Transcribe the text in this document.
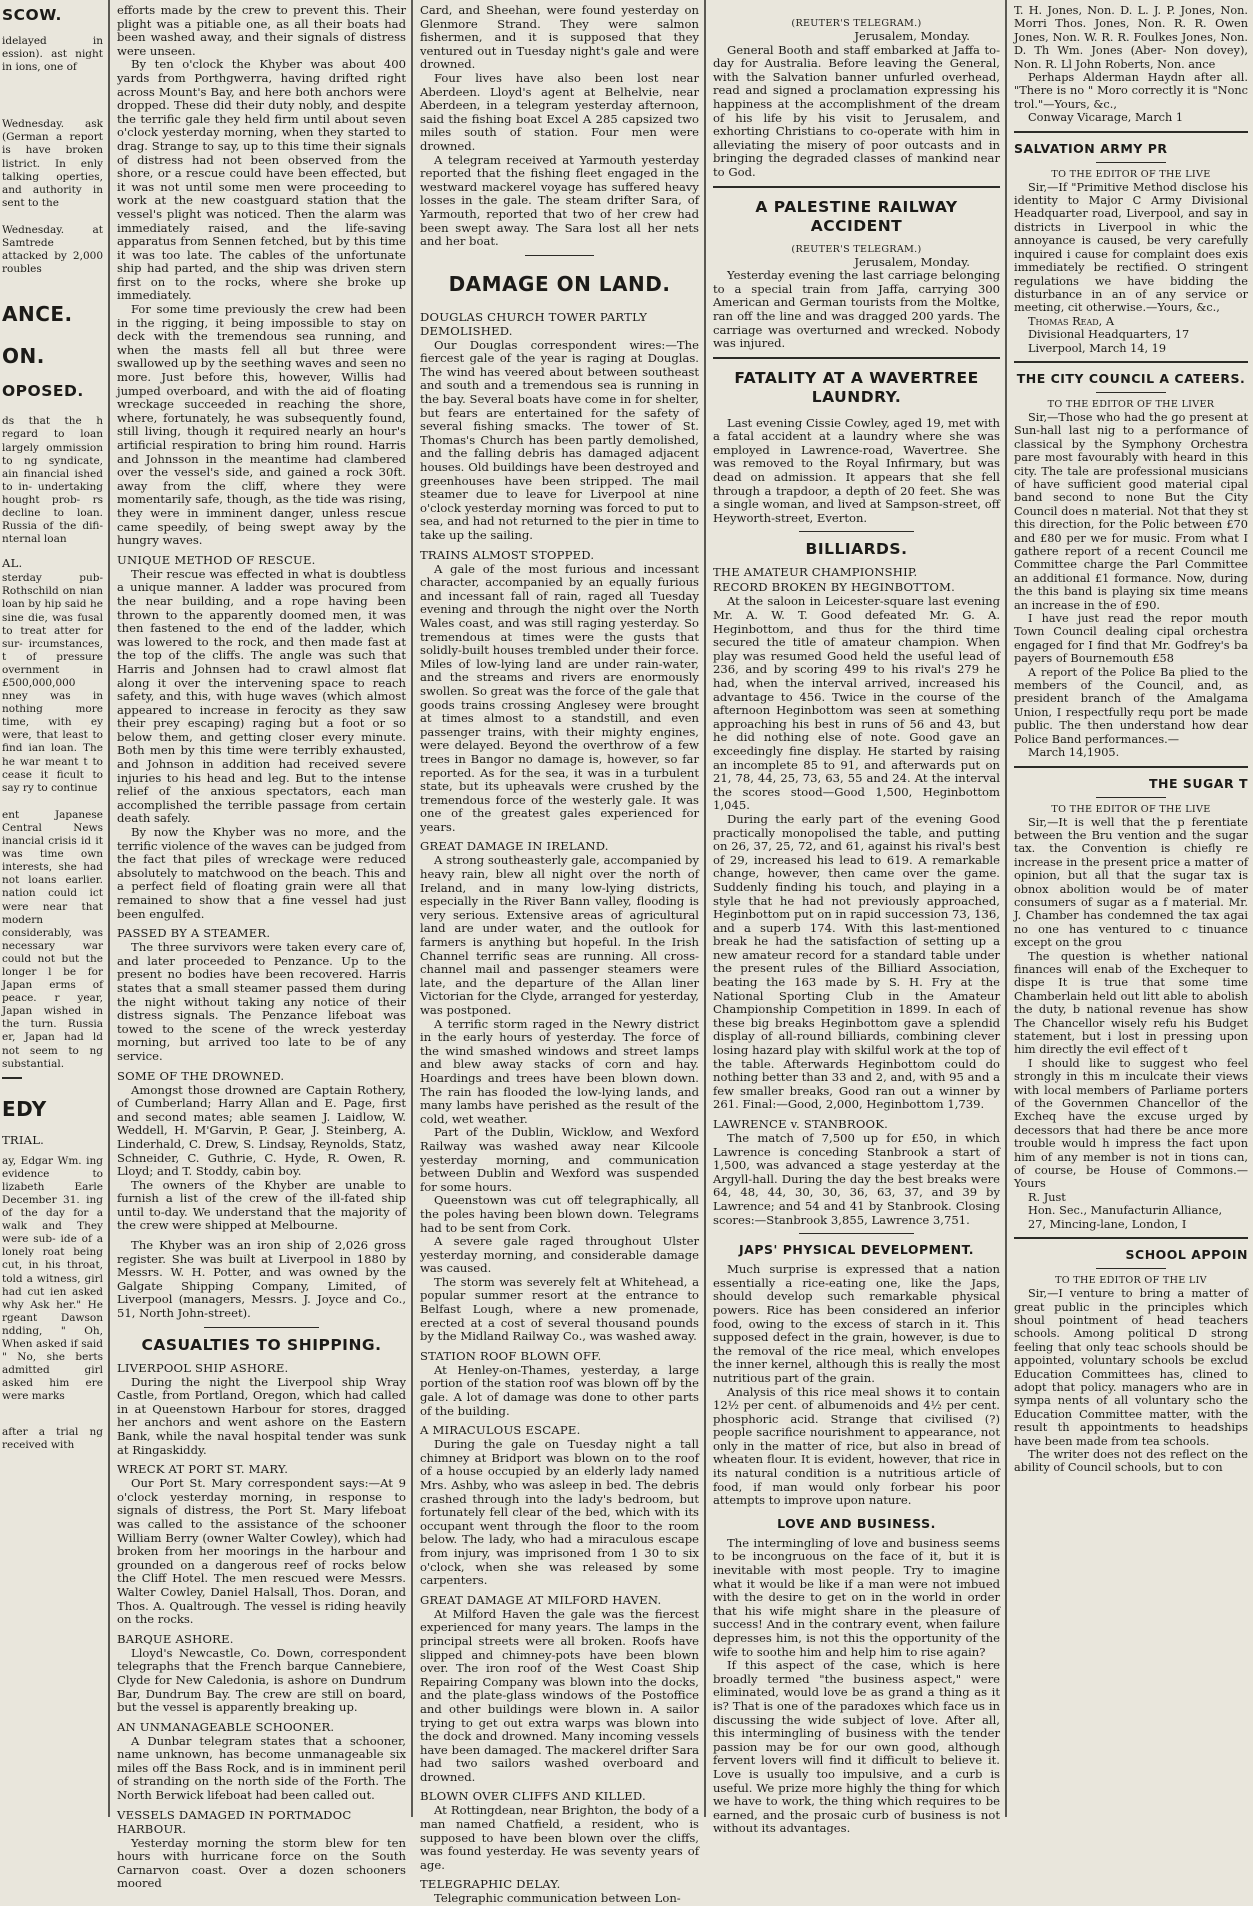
SCOW.

idelayed in ession). ast night in ions, one of

Wednesday. ask (German a report is have broken listrict. In enly talking operties, and authority in sent to the

Wednesday. at Samtrede attacked by 2,000 roubles

ANCE.
ON.
OPOSED.

ds that the h regard to loan largely ommission to ng syndicate, ain financial ished to in- undertaking hought prob- rs decline to loan. Russia of the difi- nternal loan

AL.

sterday pub- Rothschild on nian loan by hip said he sine die, was fusal to treat atter for sur- ircumstances, t of pressure overnment in £500,000,000 nney was in nothing more time, with ey were, that least to find ian loan. The he war meant t to cease it ficult to say ry to continue

ent Japanese Central News inancial crisis id it was time own interests, she had not loans earlier. nation could ict were near that modern considerably, was necessary war could not but the longer l be for Japan erms of peace. r year, Japan wished in the turn. Russia er, Japan had ld not seem to ng substantial.

EDY
TRIAL.

ay, Edgar Wm. ing evidence to lizabeth Earle December 31. ing of the day for a walk and They were sub- ide of a lonely roat being cut, in his throat, told a witness, girl had cut ien asked why Ask her." He rgeant Dawson ndding, " Oh, When asked if said " No, she berts admitted girl asked him ere were marks

after a trial ng received with

efforts made by the crew to prevent this. Their plight was a pitiable one, as all their boats had been washed away, and their signals of distress were unseen.

By ten o'clock the Khyber was about 400 yards from Porthgwerra, having drifted right across Mount's Bay, and here both anchors were dropped. These did their duty nobly, and despite the terrific gale they held firm until about seven o'clock yesterday morning, when they started to drag. Strange to say, up to this time their signals of distress had not been observed from the shore, or a rescue could have been effected, but it was not until some men were proceeding to work at the new coastguard station that the vessel's plight was noticed. Then the alarm was immediately raised, and the life-saving apparatus from Sennen fetched, but by this time it was too late. The cables of the unfortunate ship had parted, and the ship was driven stern first on to the rocks, where she broke up immediately.

For some time previously the crew had been in the rigging, it being impossible to stay on deck with the tremendous sea running, and when the masts fell all but three were swallowed up by the seething waves and seen no more. Just before this, however, Willis had jumped overboard, and with the aid of floating wreckage succeeded in reaching the shore, where, fortunately, he was subsequently found, still living, though it required nearly an hour's artificial respiration to bring him round. Harris and Johnsson in the meantime had clambered over the vessel's side, and gained a rock 30ft. away from the cliff, where they were momentarily safe, though, as the tide was rising, they were in imminent danger, unless rescue came speedily, of being swept away by the hungry waves.

UNIQUE METHOD OF RESCUE.

Their rescue was effected in what is doubtless a unique manner. A ladder was procured from the near building, and a rope having been thrown to the apparently doomed men, it was then fastened to the end of the ladder, which was lowered to the rock, and then made fast at the top of the cliffs. The angle was such that Harris and Johnsen had to crawl almost flat along it over the intervening space to reach safety, and this, with huge waves (which almost appeared to increase in ferocity as they saw their prey escaping) raging but a foot or so below them, and getting closer every minute. Both men by this time were terribly exhausted, and Johnson in addition had received severe injuries to his head and leg. But to the intense relief of the anxious spectators, each man accomplished the terrible passage from certain death safely.

By now the Khyber was no more, and the terrific violence of the waves can be judged from the fact that piles of wreckage were reduced absolutely to matchwood on the beach. This and a perfect field of floating grain were all that remained to show that a fine vessel had just been engulfed.

PASSED BY A STEAMER.

The three survivors were taken every care of, and later proceeded to Penzance. Up to the present no bodies have been recovered. Harris states that a small steamer passed them during the night without taking any notice of their distress signals. The Penzance lifeboat was towed to the scene of the wreck yesterday morning, but arrived too late to be of any service.

SOME OF THE DROWNED.

Amongst those drowned are Captain Rothery, of Cumberland; Harry Allan and E. Page, first and second mates; able seamen J. Laidlow, W. Weddell, H. M'Garvin, P. Gear, J. Steinberg, A. Linderhald, C. Drew, S. Lindsay, Reynolds, Statz, Schneider, C. Guthrie, C. Hyde, R. Owen, R. Lloyd; and T. Stoddy, cabin boy.

The owners of the Khyber are unable to furnish a list of the crew of the ill-fated ship until to-day. We understand that the majority of the crew were shipped at Melbourne.

The Khyber was an iron ship of 2,026 gross register. She was built at Liverpool in 1880 by Messrs. W. H. Potter, and was owned by the Galgate Shipping Company, Limited, of Liverpool (managers, Messrs. J. Joyce and Co., 51, North John-street).

CASUALTIES TO SHIPPING.
LIVERPOOL SHIP ASHORE.

During the night the Liverpool ship Wray Castle, from Portland, Oregon, which had called in at Queenstown Harbour for stores, dragged her anchors and went ashore on the Eastern Bank, while the naval hospital tender was sunk at Ringaskiddy.

WRECK AT PORT ST. MARY.

Our Port St. Mary correspondent says:—At 9 o'clock yesterday morning, in response to signals of distress, the Port St. Mary lifeboat was called to the assistance of the schooner William Berry (owner Walter Cowley), which had broken from her moorings in the harbour and grounded on a dangerous reef of rocks below the Cliff Hotel. The men rescued were Messrs. Walter Cowley, Daniel Halsall, Thos. Doran, and Thos. A. Qualtrough. The vessel is riding heavily on the rocks.

BARQUE ASHORE.

Lloyd's Newcastle, Co. Down, correspondent telegraphs that the French barque Cannebiere, Clyde for New Caledonia, is ashore on Dundrum Bar, Dundrum Bay. The crew are still on board, but the vessel is apparently breaking up.

AN UNMANAGEABLE SCHOONER.

A Dunbar telegram states that a schooner, name unknown, has become unmanageable six miles off the Bass Rock, and is in imminent peril of stranding on the north side of the Forth. The North Berwick lifeboat had been called out.

VESSELS DAMAGED IN PORTMADOC HARBOUR.

Yesterday morning the storm blew for ten hours with hurricane force on the South Carnarvon coast. Over a dozen schooners moored

Card, and Sheehan, were found yesterday on Glenmore Strand. They were salmon fishermen, and it is supposed that they ventured out in Tuesday night's gale and were drowned.

Four lives have also been lost near Aberdeen. Lloyd's agent at Belhelvie, near Aberdeen, in a telegram yesterday afternoon, said the fishing boat Excel A 285 capsized two miles south of station. Four men were drowned.

A telegram received at Yarmouth yesterday reported that the fishing fleet engaged in the westward mackerel voyage has suffered heavy losses in the gale. The steam drifter Sara, of Yarmouth, reported that two of her crew had been swept away. The Sara lost all her nets and her boat.

DAMAGE ON LAND.
DOUGLAS CHURCH TOWER PARTLY DEMOLISHED.

Our Douglas correspondent wires:—The fiercest gale of the year is raging at Douglas. The wind has veered about between southeast and south and a tremendous sea is running in the bay. Several boats have come in for shelter, but fears are entertained for the safety of several fishing smacks. The tower of St. Thomas's Church has been partly demolished, and the falling debris has damaged adjacent houses. Old buildings have been destroyed and greenhouses have been stripped. The mail steamer due to leave for Liverpool at nine o'clock yesterday morning was forced to put to sea, and had not returned to the pier in time to take up the sailing.

TRAINS ALMOST STOPPED.

A gale of the most furious and incessant character, accompanied by an equally furious and incessant fall of rain, raged all Tuesday evening and through the night over the North Wales coast, and was still raging yesterday. So tremendous at times were the gusts that solidly-built houses trembled under their force. Miles of low-lying land are under rain-water, and the streams and rivers are enormously swollen. So great was the force of the gale that goods trains crossing Anglesey were brought at times almost to a standstill, and even passenger trains, with their mighty engines, were delayed. Beyond the overthrow of a few trees in Bangor no damage is, however, so far reported. As for the sea, it was in a turbulent state, but its upheavals were crushed by the tremendous force of the westerly gale. It was one of the greatest gales experienced for years.

GREAT DAMAGE IN IRELAND.

A strong southeasterly gale, accompanied by heavy rain, blew all night over the north of Ireland, and in many low-lying districts, especially in the River Bann valley, flooding is very serious. Extensive areas of agricultural land are under water, and the outlook for farmers is anything but hopeful. In the Irish Channel terrific seas are running. All cross-channel mail and passenger steamers were late, and the departure of the Allan liner Victorian for the Clyde, arranged for yesterday, was postponed.

A terrific storm raged in the Newry district in the early hours of yesterday. The force of the wind smashed windows and street lamps and blew away stacks of corn and hay. Hoardings and trees have been blown down. The rain has flooded the low-lying lands, and many lambs have perished as the result of the cold, wet weather.

Part of the Dublin, Wicklow, and Wexford Railway was washed away near Kilcoole yesterday morning, and communication between Dublin and Wexford was suspended for some hours.

Queenstown was cut off telegraphically, all the poles having been blown down. Telegrams had to be sent from Cork.

A severe gale raged throughout Ulster yesterday morning, and considerable damage was caused.

The storm was severely felt at Whitehead, a popular summer resort at the entrance to Belfast Lough, where a new promenade, erected at a cost of several thousand pounds by the Midland Railway Co., was washed away.

STATION ROOF BLOWN OFF.

At Henley-on-Thames, yesterday, a large portion of the station roof was blown off by the gale. A lot of damage was done to other parts of the building.

A MIRACULOUS ESCAPE.

During the gale on Tuesday night a tall chimney at Bridport was blown on to the roof of a house occupied by an elderly lady named Mrs. Ashby, who was asleep in bed. The debris crashed through into the lady's bedroom, but fortunately fell clear of the bed, which with its occupant went through the floor to the room below. The lady, who had a miraculous escape from injury, was imprisoned from 1 30 to six o'clock, when she was released by some carpenters.

GREAT DAMAGE AT MILFORD HAVEN.

At Milford Haven the gale was the fiercest experienced for many years. The lamps in the principal streets were all broken. Roofs have slipped and chimney-pots have been blown over. The iron roof of the West Coast Ship Repairing Company was blown into the docks, and the plate-glass windows of the Postoffice and other buildings were blown in. A sailor trying to get out extra warps was blown into the dock and drowned. Many incoming vessels have been damaged. The mackerel drifter Sara had two sailors washed overboard and drowned.

BLOWN OVER CLIFFS AND KILLED.

At Rottingdean, near Brighton, the body of a man named Chatfield, a resident, who is supposed to have been blown over the cliffs, was found yesterday. He was seventy years of age.

TELEGRAPHIC DELAY.

Telegraphic communication between Lon-

(REUTER'S TELEGRAM.)

Jerusalem, Monday.

General Booth and staff embarked at Jaffa to-day for Australia. Before leaving the General, with the Salvation banner unfurled overhead, read and signed a proclamation expressing his happiness at the accomplishment of the dream of his life by his visit to Jerusalem, and exhorting Christians to co-operate with him in alleviating the misery of poor outcasts and in bringing the degraded classes of mankind near to God.

A PALESTINE RAILWAY ACCIDENT
(REUTER'S TELEGRAM.)

Jerusalem, Monday.

Yesterday evening the last carriage belonging to a special train from Jaffa, carrying 300 American and German tourists from the Moltke, ran off the line and was dragged 200 yards. The carriage was overturned and wrecked. Nobody was injured.

FATALITY AT A WAVERTREE LAUNDRY.

Last evening Cissie Cowley, aged 19, met with a fatal accident at a laundry where she was employed in Lawrence-road, Wavertree. She was removed to the Royal Infirmary, but was dead on admission. It appears that she fell through a trapdoor, a depth of 20 feet. She was a single woman, and lived at Sampson-street, off Heyworth-street, Everton.

BILLIARDS.
THE AMATEUR CHAMPIONSHIP.
RECORD BROKEN BY HEGINBOTTOM.

At the saloon in Leicester-square last evening Mr. A. W. T. Good defeated Mr. G. A. Heginbottom, and thus for the third time secured the title of amateur champion. When play was resumed Good held the useful lead of 236, and by scoring 499 to his rival's 279 he had, when the interval arrived, increased his advantage to 456. Twice in the course of the afternoon Heginbottom was seen at something approaching his best in runs of 56 and 43, but he did nothing else of note. Good gave an exceedingly fine display. He started by raising an incomplete 85 to 91, and afterwards put on 21, 78, 44, 25, 73, 63, 55 and 24. At the interval the scores stood—Good 1,500, Heginbottom 1,045.

During the early part of the evening Good practically monopolised the table, and putting on 26, 37, 25, 72, and 61, against his rival's best of 29, increased his lead to 619. A remarkable change, however, then came over the game. Suddenly finding his touch, and playing in a style that he had not previously approached, Heginbottom put on in rapid succession 73, 136, and a superb 174. With this last-mentioned break he had the satisfaction of setting up a new amateur record for a standard table under the present rules of the Billiard Association, beating the 163 made by S. H. Fry at the National Sporting Club in the Amateur Championship Competition in 1899. In each of these big breaks Heginbottom gave a splendid display of all-round billiards, combining clever losing hazard play with skilful work at the top of the table. Afterwards Heginbottom could do nothing better than 33 and 2, and, with 95 and a few smaller breaks, Good ran out a winner by 261. Final:—Good, 2,000, Heginbottom 1,739.

LAWRENCE v. STANBROOK.

The match of 7,500 up for £50, in which Lawrence is conceding Stanbrook a start of 1,500, was advanced a stage yesterday at the Argyll-hall. During the day the best breaks were 64, 48, 44, 30, 30, 36, 63, 37, and 39 by Lawrence; and 54 and 41 by Stanbrook. Closing scores:—Stanbrook 3,855, Lawrence 3,751.

JAPS' PHYSICAL DEVELOPMENT.

Much surprise is expressed that a nation essentially a rice-eating one, like the Japs, should develop such remarkable physical powers. Rice has been considered an inferior food, owing to the excess of starch in it. This supposed defect in the grain, however, is due to the removal of the rice meal, which envelopes the inner kernel, although this is really the most nutritious part of the grain.

Analysis of this rice meal shows it to contain 12½ per cent. of albumenoids and 4½ per cent. phosphoric acid. Strange that civilised (?) people sacrifice nourishment to appearance, not only in the matter of rice, but also in bread of wheaten flour. It is evident, however, that rice in its natural condition is a nutritious article of food, if man would only forbear his poor attempts to improve upon nature.

LOVE AND BUSINESS.

The intermingling of love and business seems to be incongruous on the face of it, but it is inevitable with most people. Try to imagine what it would be like if a man were not imbued with the desire to get on in the world in order that his wife might share in the pleasure of success! And in the contrary event, when failure depresses him, is not this the opportunity of the wife to soothe him and help him to rise again?

If this aspect of the case, which is here broadly termed "the business aspect," were eliminated, would love be as grand a thing as it is? That is one of the paradoxes which face us in discussing the wide subject of love. After all, this intermingling of business with the tender passion may be for our own good, although fervent lovers will find it difficult to believe it. Love is usually too impulsive, and a curb is useful. We prize more highly the thing for which we have to work, the thing which requires to be earned, and the prosaic curb of business is not without its advantages.

T. H. Jones, Non. D. L. J. P. Jones, Non. Morri Thos. Jones, Non. R. R. Owen Jones, Non. W. R. R. Foulkes Jones, Non. D. Th Wm. Jones (Aber- Non dovey), Non. R. Ll John Roberts, Non. ance

Perhaps Alderman Haydn after all. "There is no " Moro correctly it is "Nonc trol."—Yours, &c.,

Conway Vicarage, March 1

SALVATION ARMY PR
TO THE EDITOR OF THE LIVE

Sir,—If "Primitive Method disclose his identity to Major C Army Divisional Headquarter road, Liverpool, and say in districts in Liverpool in whic the annoyance is caused, be very carefully inquired i cause for complaint does exis immediately be rectified. O stringent regulations we have bidding the disturbance in an of any service or meeting, cit otherwise.—Yours, &c.,

Thomas Read, A

Divisional Headquarters, 17

Liverpool, March 14, 19

THE CITY COUNCIL A CATEERS.
TO THE EDITOR OF THE LIVER

Sir,—Those who had the go present at Sun-hall last nig to a performance of classical by the Symphony Orchestra pare most favourably with heard in this city. The tale are professional musicians of have sufficient good material cipal band second to none But the City Council does n material. Not that they st this direction, for the Polic between £70 and £80 per we for music. From what I gathere report of a recent Council me Committee charge the Parl Committee an additional £1 formance. Now, during the this band is playing six time means an increase in the of £90.

I have just read the repor mouth Town Council dealing cipal orchestra engaged for I find that Mr. Godfrey's ba payers of Bournemouth £58

A report of the Police Ba plied to the members of the Council, and, as president branch of the Amalgama Union, I respectfully requ port be made public. The then understand how dear Police Band performances.—

March 14,1905.

THE SUGAR T
TO THE EDITOR OF THE LIVE

Sir,—It is well that the p ferentiate between the Bru vention and the sugar tax. the Convention is chiefly re increase in the present price a matter of opinion, but all that the sugar tax is obnox abolition would be of mater consumers of sugar as a f material. Mr. J. Chamber has condemned the tax agai no one has ventured to c tinuance except on the grou

The question is whether national finances will enab of the Exchequer to dispe It is true that some time Chamberlain held out litt able to abolish the duty, b national revenue has show The Chancellor wisely refu his Budget statement, but i lost in pressing upon him directly the evil effect of t

I should like to suggest who feel strongly in this m inculcate their views with local members of Parliame porters of the Governmen Chancellor of the Excheq have the excuse urged by decessors that had there be ance more trouble would h impress the fact upon him of any member is not in tions can, of course, be House of Commons.—Yours

R. Just

Hon. Sec., Manufacturin Alliance,

27, Mincing-lane, London, I

SCHOOL APPOIN
TO THE EDITOR OF THE LIV

Sir,—I venture to bring a matter of great public in the principles which shoul pointment of head teachers schools. Among political D strong feeling that only teac schools should be appointed, voluntary schools be exclud Education Committees has, clined to adopt that policy. managers who are in sympa nents of all voluntary scho the Education Committee matter, with the result th appointments to headships have been made from tea schools.

The writer does not des reflect on the ability of Council schools, but to con
